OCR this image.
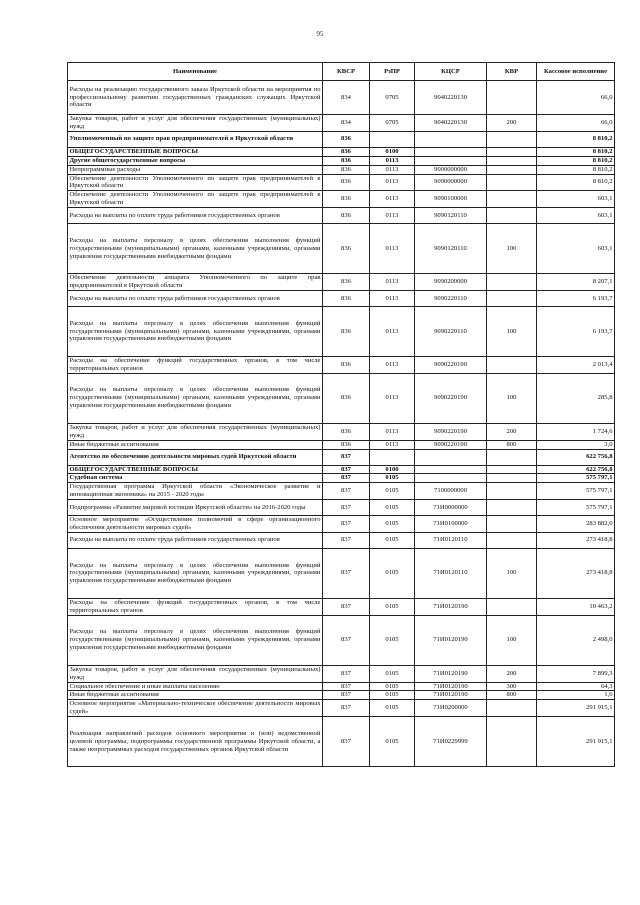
95
Наименование	КВСР	РзПР	КЦСР	КВР	Кассовое исполнение
Расходы на реализацию государственного заказа Иркутской области на мероприятия по профессиональному развитию государственных гражданских служащих Иркутской области	834	0705	9040220130		66,0
Закупка товаров, работ и услуг для обеспечения государственных (муниципальных) нужд	834	0705	9040220130	200	66,0
Уполномоченный по защите прав предпринимателей в Иркутской области	836				8 810,2
ОБЩЕГОСУДАРСТВЕННЫЕ ВОПРОСЫ	836	0100			8 810,2
Другие общегосударственные вопросы	836	0113			8 810,2
Непрограммные расходы	836	0113	9000000000		8 810,2
Обеспечение деятельности Уполномоченного по защите прав предпринимателей в Иркутской области	836	0113	9090000000		8 810,2
Обеспечение деятельности Уполномоченного по защите прав предпринимателей в Иркутской области	836	0113	9090100000		603,1
Расходы на выплаты по оплате труда работников государственных органов	836	0113	9090120110		603,1
Расходы на выплаты персоналу в целях обеспечения выполнения функций государственными (муниципальными) органами, казенными учреждениями, органами управления государственными внебюджетными фондами	836	0113	9090120110	100	603,1
Обеспечение деятельности аппарата Уполномоченного по защите прав предпринимателей в Иркутской области	836	0113	9090200000		8 207,1
Расходы на выплаты по оплате труда работников государственных органов	836	0113	9090220110		6 193,7
Расходы на выплаты персоналу в целях обеспечения выполнения функций государственными (муниципальными) органами, казенными учреждениями, органами управления государственными внебюджетными фондами	836	0113	9090220110	100	6 193,7
Расходы на обеспечение функций государственных органов, в том числе территориальных органов	836	0113	9090220190		2 013,4
Расходы на выплаты персоналу в целях обеспечения выполнения функций государственными (муниципальными) органами, казенными учреждениями, органами управления государственными внебюджетными фондами	836	0113	9090220190	100	285,8
Закупка товаров, работ и услуг для обеспечения государственных (муниципальных) нужд	836	0113	9090220190	200	1 724,6
Иные бюджетные ассигнования	836	0113	9090220190	800	3,0
Агентство по обеспечению деятельности мировых судей Иркутской области	837				622 756,8
ОБЩЕГОСУДАРСТВЕННЫЕ ВОПРОСЫ	837	0100			622 756,8
Судебная система	837	0105			575 797,1
Государственная программа Иркутской области «Экономическое развитие и инновационная экономика» на 2015 - 2020 годы	837	0105	7100000000		575 797,1
Подпрограмма «Развитие мировой юстиции Иркутской области» на 2016-2020 годы	837	0105	71И0000000		575 797,1
Основное мероприятие «Осуществление полномочий в сфере организационного обеспечения деятельности мировых судей»	837	0105	71И0100000		283 882,0
Расходы на выплаты по оплате труда работников государственных органов	837	0105	71И0120110		273 418,8
Расходы на выплаты персоналу в целях обеспечения выполнения функций государственными (муниципальными) органами, казенными учреждениями, органами управления государственными внебюджетными фондами	837	0105	71И0120110	100	273 418,8
Расходы на обеспечение функций государственных органов, в том числе территориальных органов	837	0105	71И0120190		10 463,2
Расходы на выплаты персоналу в целях обеспечения выполнения функций государственными (муниципальными) органами, казенными учреждениями, органами управления государственными внебюджетными фондами	837	0105	71И0120190	100	2 498,0
Закупка товаров, работ и услуг для обеспечения государственных (муниципальных) нужд	837	0105	71И0120190	200	7 899,3
Социальное обеспечение и иные выплаты населению	837	0105	71И0120190	300	64,3
Иные бюджетные ассигнования	837	0105	71И0120190	800	1,6
Основное мероприятие «Материально-техническое обеспечение деятельности мировых судей»	837	0105	71И0200000		291 915,1
Реализация направлений расходов основного мероприятия и (или) ведомственной целевой программы, подпрограммы государственной программы Иркутской области, а также непрограммных расходов государственных органов Иркутской области	837	0105	71И0229999		291 915,1
